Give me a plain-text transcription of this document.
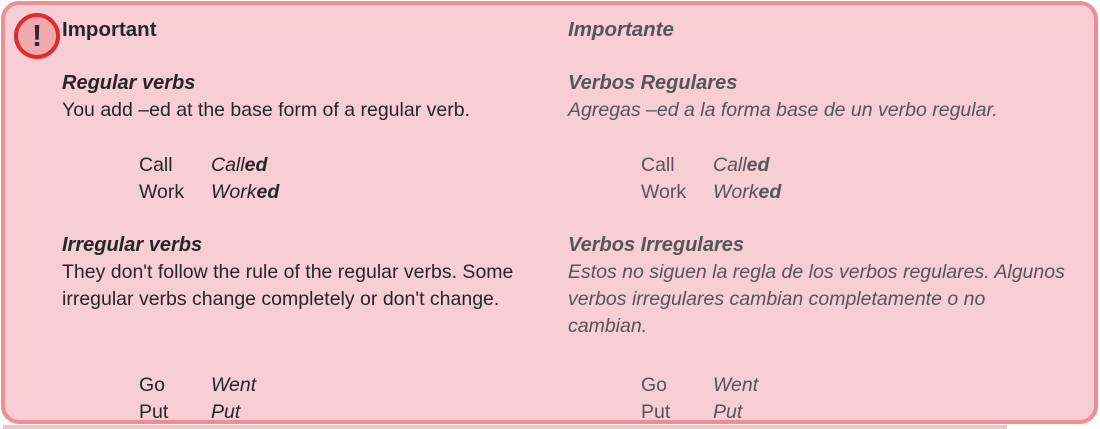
! Important
Regular verbs
You add –ed at the base form of a regular verb.
Call	Called
Work	Worked
Irregular verbs
They don't follow the rule of the regular verbs. Some irregular verbs change completely or don't change.
Go	Went
Put	Put
Importante
Verbos Regulares
Agregas –ed a la forma base de un verbo regular.
Call	Called
Work	Worked
Verbos Irregulares
Estos no siguen la regla de los verbos regulares. Algunos verbos irregulares cambian completamente o no cambian.
Go	Went
Put	Put
